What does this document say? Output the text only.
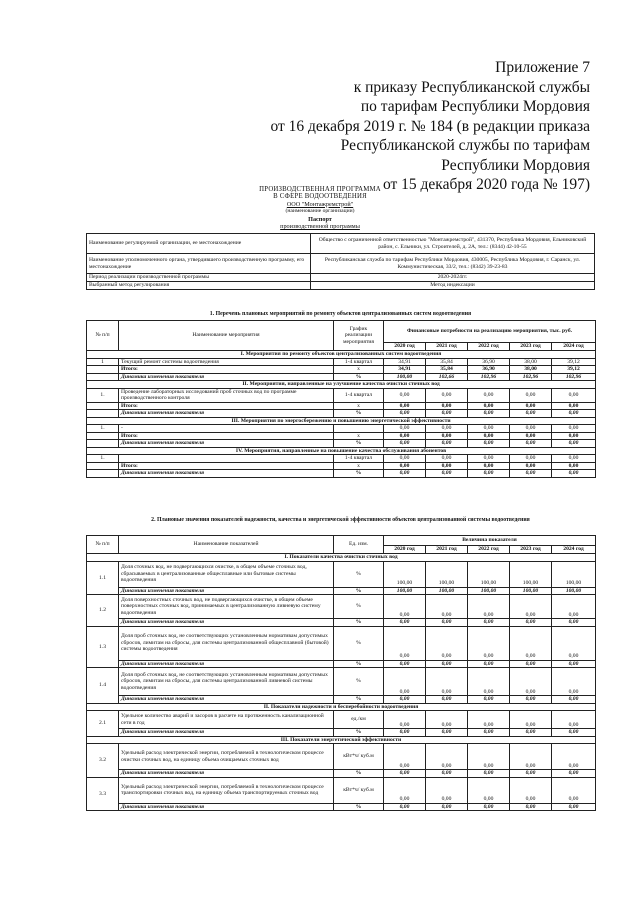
Приложение 7
к приказу Республиканской службы
по тарифам Республики Мордовия
от 16 декабря 2019 г. № 184 (в редакции приказа
Республиканской службы по тарифам
Республики Мордовия
от 15 декабря 2020 года № 197)
ПРОИЗВОДСТВЕННАЯ ПРОГРАММА
В СФЕРЕ ВОДООТВЕДЕНИЯ
ООО "Монтажремстрой"
(наименование организации)
Паспорт
производственной программы
Наименование регулируемой организации, ее местонахождение	Общество с ограниченной ответственностью "Монтажремстрой", 431370, Республика Мордовия, Ельниковский район, с. Ельники, ул. Строителей, д. 2А, тел.: (8344) 42-10-55
Наименование уполномоченного органа, утвердившего производственную программу, его местонахождение	Республиканская служба по тарифам Республики Мордовия, 430005, Республика Мордовия, г. Саранск, ул. Коммунистическая, 33/2, тел.: (8342) 39-23-83
Период реализации производственной программы	2020-2024гг.
Выбранный метод регулирования	Метод индексации
1. Перечень плановых мероприятий по ремонту объектов централизованных систем водоотведения
№ п/п	Наименование мероприятия	График реализации мероприятия	Финансовые потребности на реализацию мероприятия, тыс. руб.				
			2020 год	2021 год	2022 год	2023 год	2024 год
I. Мероприятия по ремонту объектов централизованных систем водоотведения							
1	Текущий ремонт системы водоотведения	1-4 квартал	34,91	35,84	36,90	38,00	39,12
	Итого:	х	34,91	35,84	36,90	38,00	39,12
	Динамика изменения показателя	%	100,00	102,66	102,96	102,96	102,96
II. Мероприятия, направленные на улучшение качества очистки сточных вод							
1.	Проведение лабораторных исследований проб сточных вод по программе производственного контроля	1-4 квартал	0,00	0,00	0,00	0,00	0,00
	Итого:	х	0,00	0,00	0,00	0,00	0,00
	Динамика изменения показателя	%	0,00	0,00	0,00	0,00	0,00
III. Мероприятия по энергосбережению и повышению энергетической эффективности							
1.	-		0,00	0,00	0,00	0,00	0,00
	Итого:	х	0,00	0,00	0,00	0,00	0,00
	Динамика изменения показателя	%	0,00	0,00	0,00	0,00	0,00
IV. Мероприятия, направленные на повышение качества обслуживания абонентов							
1.		1-4 квартал	0,00	0,00	0,00	0,00	0,00
	Итого:	х	0,00	0,00	0,00	0,00	0,00
	Динамика изменения показателя	%	0,00	0,00	0,00	0,00	0,00
2. Плановые значения показателей надежности, качества и энергетической эффективности объектов централизованной системы водоотведения
№ п/п	Наименование показателей	Ед. изм.	Величина показателя				
			2020 год	2021 год	2022 год	2023 год	2024 год
I. Показатели качества очистки сточных вод							
1.1	Доля сточных вод, не подвергающихся очистке, в общем объеме сточных вод, сбрасываемых в централизованные общесплавные или бытовые системы водоотведения	%	100,00	100,00	100,00	100,00	100,00
	Динамика изменения показателя	%	100,00	100,00	100,00	100,00	100,00
1.2	Доля поверхностных сточных вод, не подвергающихся очистке, в общем объеме поверхностных сточных вод, принимаемых в централизованную ливневую систему водоотведения	%	0,00	0,00	0,00	0,00	0,00
	Динамика изменения показателя	%	0,00	0,00	0,00	0,00	0,00
1.3	Доля проб сточных вод, не соответствующих установленным нормативам допустимых сбросов, лимитам на сбросы, для системы централизованной общесплавной (бытовой) системы водоотведения	%	0,00	0,00	0,00	0,00	0,00
	Динамика изменения показателя	%	0,00	0,00	0,00	0,00	0,00
1.4	Доля проб сточных вод, не соответствующих установленным нормативам допустимых сбросов, лимитам на сбросы, для системы централизованной ливневой системы водоотведения	%	0,00	0,00	0,00	0,00	0,00
	Динамика изменения показателя	%	0,00	0,00	0,00	0,00	0,00
II. Показатели надежности и бесперебойности водоотведения							
2.1	Удельное количество аварий и засоров в расчете на протяженность канализационной сети в год	ед./км	0,00	0,00	0,00	0,00	0,00
	Динамика изменения показателя	%	0,00	0,00	0,00	0,00	0,00
III. Показатели энергетической эффективности							
3.2	Удельный расход электрической энергии, потребляемой в технологическом процессе очистки сточных вод, на единицу объема очищаемых сточных вод	кВт*ч/ куб.м	0,00	0,00	0,00	0,00	0,00
	Динамика изменения показателя	%	0,00	0,00	0,00	0,00	0,00
3.3	Удельный расход электрической энергии, потребляемой в технологическом процессе транспортировки сточных вод, на единицу объема транспортируемых сточных вод	кВт*ч/ куб.м	0,00	0,00	0,00	0,00	0,00
	Динамика изменения показателя	%	0,00	0,00	0,00	0,00	0,00
